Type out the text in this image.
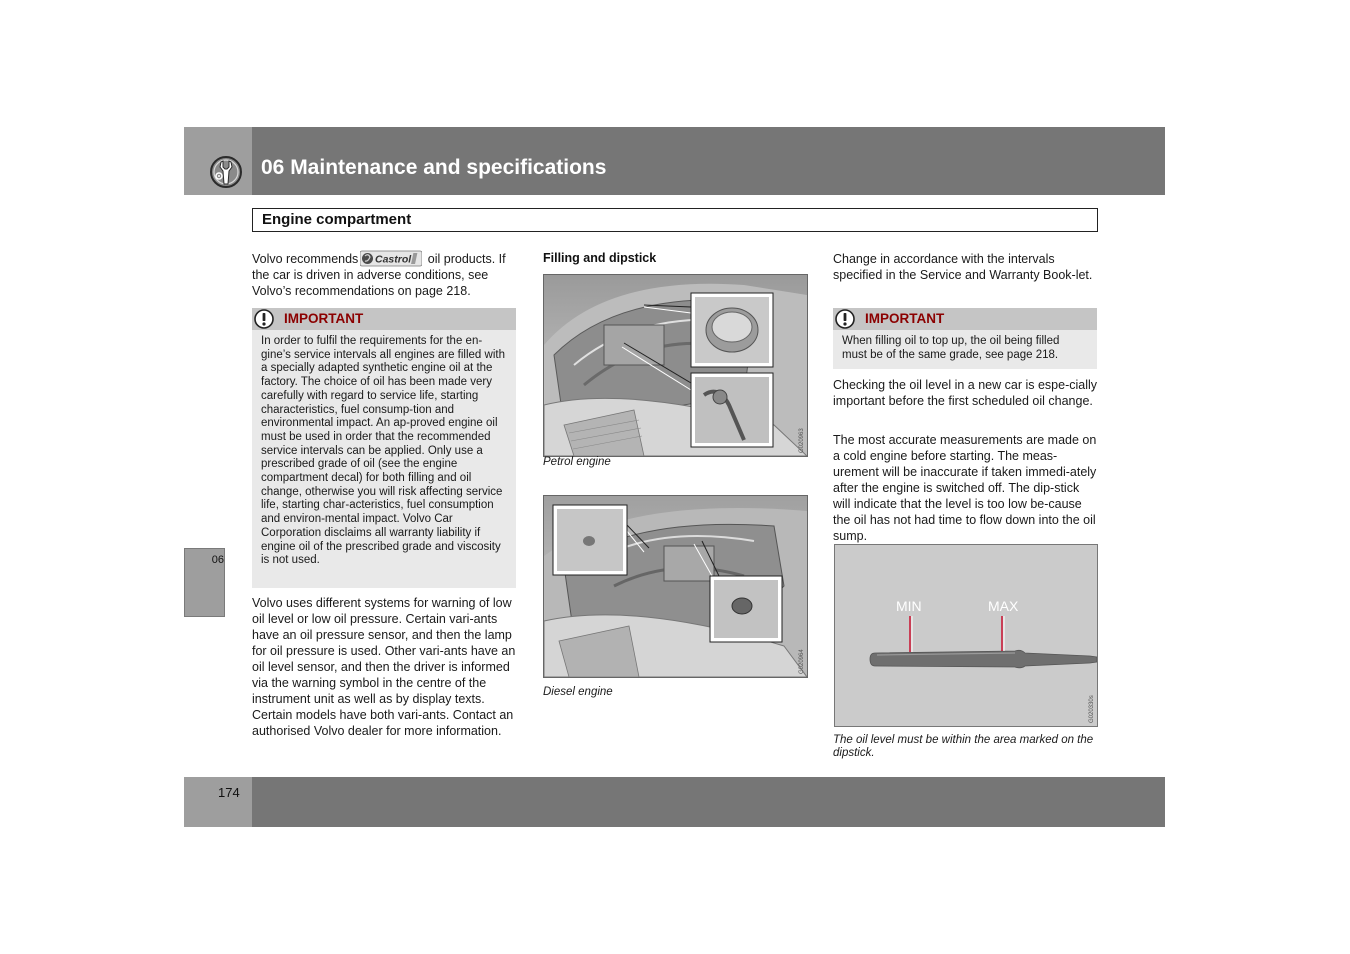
06 Maintenance and specifications
Engine compartment
06

Volvo recommends Castrol oil products. If the car is driven in adverse conditions, see Volvo’s recommendations on page 218.

IMPORTANT
In order to fulfil the requirements for the en-gine’s service intervals all engines are filled with a specially adapted synthetic engine oil at the factory. The choice of oil has been made very carefully with regard to service life, starting characteristics, fuel consump-tion and environmental impact. An ap-proved engine oil must be used in order that the recommended service intervals can be applied. Only use a prescribed grade of oil (see the engine compartment decal) for both filling and oil change, otherwise you will risk affecting service life, starting char-acteristics, fuel consumption and environ-mental impact. Volvo Car Corporation disclaims all warranty liability if engine oil of the prescribed grade and viscosity is not used.

Volvo uses different systems for warning of low oil level or low oil pressure. Certain vari-ants have an oil pressure sensor, and then the lamp for oil pressure is used. Other vari-ants have an oil level sensor, and then the driver is informed via the warning symbol in the centre of the instrument unit as well as by display texts. Certain models have both vari-ants. Contact an authorised Volvo dealer for more information.

Filling and dipstick
G020963
Petrol engine
G020964
Diesel engine

Change in accordance with the intervals specified in the Service and Warranty Book-let.

IMPORTANT
When filling oil to top up, the oil being filled must be of the same grade, see page 218.

Checking the oil level in a new car is espe-cially important before the first scheduled oil change.

The most accurate measurements are made on a cold engine before starting. The meas-urement will be inaccurate if taken immedi-ately after the engine is switched off. The dip-stick will indicate that the level is too low be-cause the oil has not had time to flow down into the oil sump.

MIN	MAX
G020330s
The oil level must be within the area marked on the dipstick.
174
